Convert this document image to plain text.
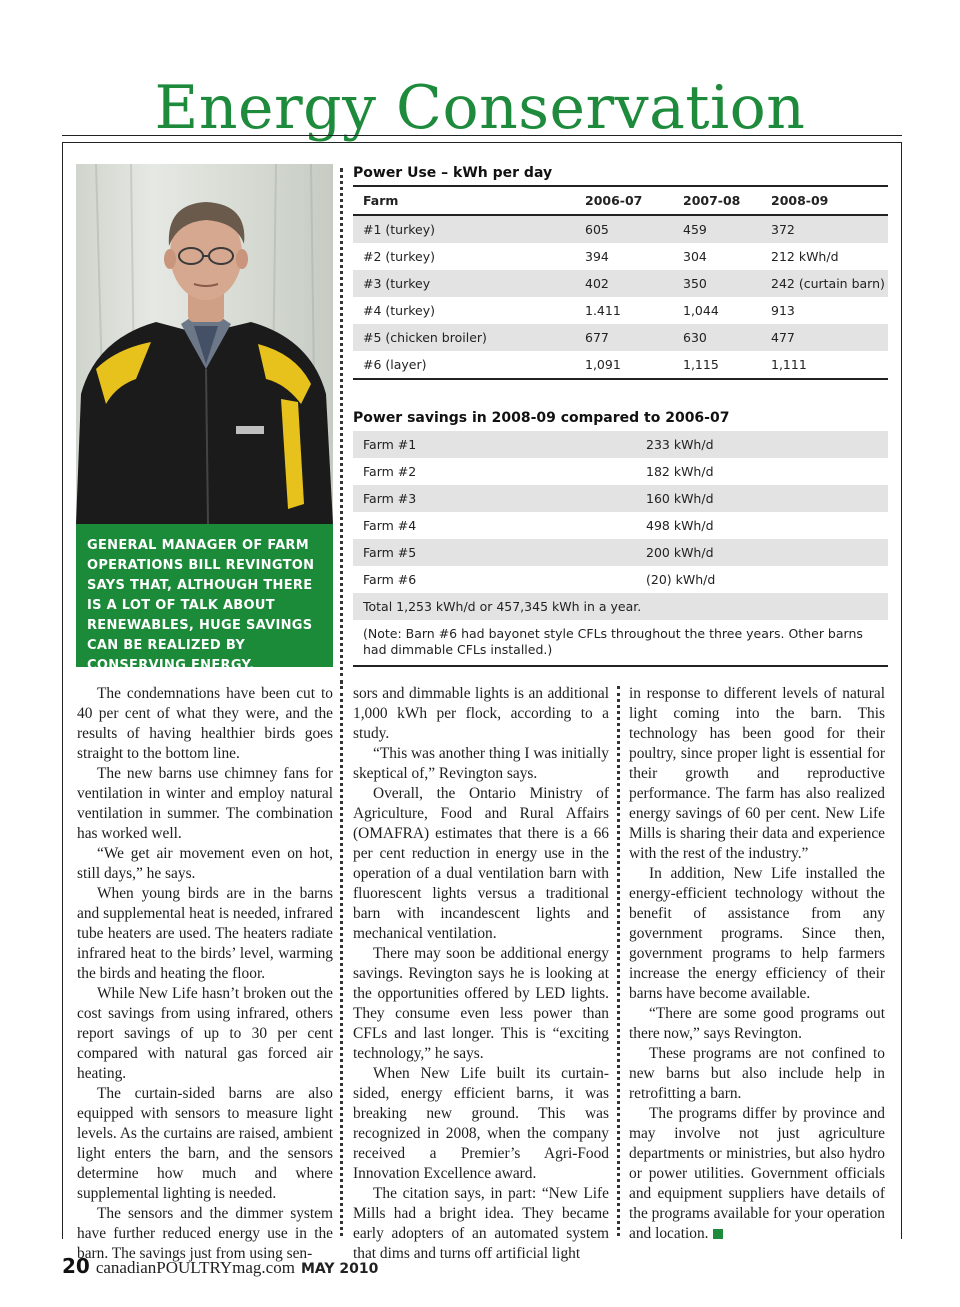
Energy Conservation
GENERAL MANAGER OF FARM OPERATIONS BILL REVINGTON SAYS THAT, ALTHOUGH THERE IS A LOT OF TALK ABOUT RENEWABLES, HUGE SAVINGS CAN BE REALIZED BY CONSERVING ENERGY.
Power Use – kWh per day
Farm	2006-07	2007-08	2008-09
#1 (turkey)	605	459	372
#2 (turkey)	394	304	212 kWh/d
#3 (turkey	402	350	242 (curtain barn)
#4 (turkey)	1.411	1,044	913
#5 (chicken broiler)	677	630	477
#6 (layer)	1,091	1,115	1,111
Power savings in 2008-09 compared to 2006-07
Farm #1	233 kWh/d
Farm #2	182 kWh/d
Farm #3	160 kWh/d
Farm #4	498 kWh/d
Farm #5	200 kWh/d
Farm #6	(20) kWh/d
Total 1,253 kWh/d or 457,345 kWh in a year.
(Note: Barn #6 had bayonet style CFLs throughout the three years. Other barns had dimmable CFLs installed.)

The condemnations have been cut to 40 per cent of what they were, and the results of having healthier birds goes straight to the bottom line.

The new barns use chimney fans for ventilation in winter and employ natural ventilation in summer. The combination has worked well.

“We get air movement even on hot, still days,” he says.

When young birds are in the barns and supplemental heat is needed, infrared tube heaters are used. The heaters radiate infrared heat to the birds’ level, warming the birds and heating the floor.

While New Life hasn’t broken out the cost savings from using infrared, others report savings of up to 30 per cent compared with natural gas forced air heating.

The curtain-sided barns are also equipped with sensors to measure light levels. As the curtains are raised, ambient light enters the barn, and the sensors determine how much and where supplemental lighting is needed.

The sensors and the dimmer system have further reduced energy use in the barn. The savings just from using sen-

sors and dimmable lights is an additional 1,000 kWh per flock, according to a study.

“This was another thing I was initially skeptical of,” Revington says.

Overall, the Ontario Ministry of Agriculture, Food and Rural Affairs (OMAFRA) estimates that there is a 66 per cent reduction in energy use in the operation of a dual ventilation barn with fluorescent lights versus a traditional barn with incandescent lights and mechanical ventilation.

There may soon be additional energy savings. Revington says he is looking at the opportunities offered by LED lights. They consume even less power than CFLs and last longer. This is “exciting technology,” he says.

When New Life built its curtain-sided, energy efficient barns, it was breaking new ground. This was recognized in 2008, when the company received a Premier’s Agri-Food Innovation Excellence award.

The citation says, in part: “New Life Mills had a bright idea. They became early adopters of an automated system that dims and turns off artificial light

in response to different levels of natural light coming into the barn. This technology has been good for their poultry, since proper light is essential for their growth and reproductive performance. The farm has also realized energy savings of 60 per cent. New Life Mills is sharing their data and experience with the rest of the industry.”

In addition, New Life installed the energy-efficient technology without the benefit of assistance from any government programs. Since then, government programs to help farmers increase the energy efficiency of their barns have become available.

“There are some good programs out there now,” says Revington.

These programs are not confined to new barns but also include help in retrofitting a barn.

The programs differ by province and may involve not just agriculture departments or ministries, but also hydro or power utilities. Government officials and equipment suppliers have details of the programs available for your operation and location.

20 canadianPOULTRYmag.com MAY 2010
